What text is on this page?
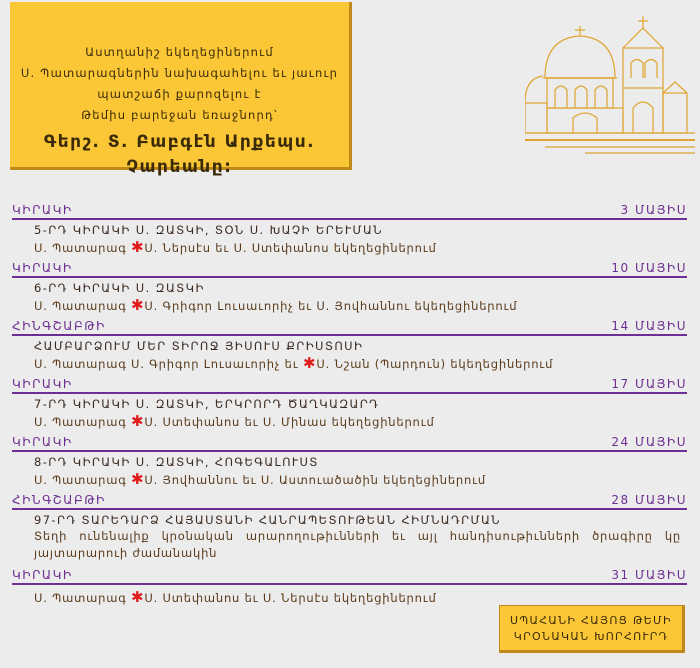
Աստղանիշ եկեղեցիներում
Ս. Պատարագներին նախագահելու եւ յաւուր
պատշաճի քարոզելու է
Թեմիս բարեջան եռաջնորդ՝
Գերշ. Տ. Բաբգէն Արքեպս.
Չարեանը:
ԿԻՐԱԿԻ	3 ՄԱՅԻՍ
5-ՐԴ ԿԻՐԱԿԻ Ս. ԶԱՏԿԻ, ՏՕՆ Ս. ԽԱՉԻ ԵՐԵՒՄԱՆ
Ս. Պատարագ ✱Ս. Ներսէս եւ Ս. Ստեփանոս եկեղեցիներում
ԿԻՐԱԿԻ	10 ՄԱՅԻՍ
6-ՐԴ ԿԻՐԱԿԻ Ս. ԶԱՏԿԻ
Ս. Պատարագ ✱Ս. Գրիգոր Լուսաւորիչ եւ Ս. Յովհաննու եկեղեցիներում
ՀԻՆԳՇԱԲԹԻ	14 ՄԱՅԻՍ
ՀԱՄԲԱՐՁՈՒՄ ՄԵՐ ՏԻՐՈՋ ՅԻՍՈՒՍ ՔՐԻՍՏՈՍԻ
Ս. Պատարագ Ս. Գրիգոր Լուսաւորիչ եւ ✱Ս. Նշան (Պարդուն) եկեղեցիներում
ԿԻՐԱԿԻ	17 ՄԱՅԻՍ
7-ՐԴ ԿԻՐԱԿԻ Ս. ԶԱՏԿԻ, ԵՐԿՐՈՐԴ ԾԱՂԿԱԶԱՐԴ
Ս. Պատարագ ✱Ս. Ստեփանոս եւ Ս. Մինաս եկեղեցիներում
ԿԻՐԱԿԻ	24 ՄԱՅԻՍ
8-ՐԴ ԿԻՐԱԿԻ Ս. ԶԱՏԿԻ, ՀՈԳԵԳԱԼՈՒՍՏ
Ս. Պատարագ ✱Ս. Յովհաննու եւ Ս. Աստուածածին եկեղեցիներում
ՀԻՆԳՇԱԲԹԻ	28 ՄԱՅԻՍ
97-ՐԴ ՏԱՐԵԴԱՐՁ ՀԱՅԱՍՏԱՆԻ ՀԱՆՐԱՊԵՏՈՒԹԵԱՆ ՀԻՄՆԱԴՐՄԱՆ
Տեղի ունենալիք կրօնական արարողութիւնների եւ այլ հանդիսութիւնների ծրագիրը կը յայտարարուի ժամանակին
ԿԻՐԱԿԻ	31 ՄԱՅԻՍ
Ս. Պատարագ ✱Ս. Ստեփանոս եւ Ս. Ներսէս եկեղեցիներում
ՍՊԱՀԱՆԻ ՀԱՅՈՑ ԹԵՄԻ
ԿՐՕՆԱԿԱՆ ԽՈՐՀՈՒՐԴ
